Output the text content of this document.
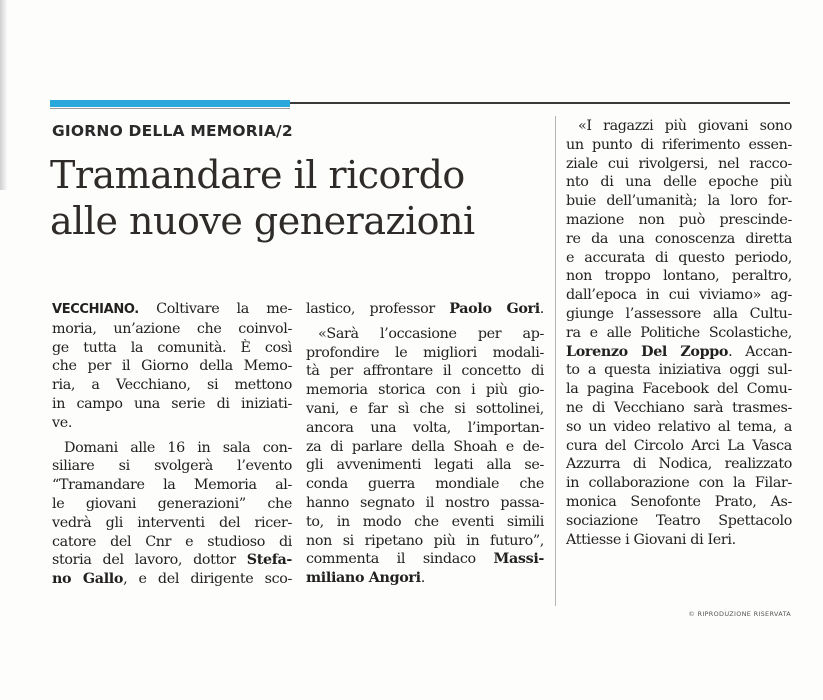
GIORNO DELLA MEMORIA/2
Tramandare il ricordo
alle nuove generazioni
VECCHIANO. Coltivare la me-
moria, un’azione che coinvol-
ge tutta la comunità. È così
che per il Giorno della Memo-
ria, a Vecchiano, si mettono
in campo una serie di iniziati-
ve.
Domani alle 16 in sala con-
siliare si svolgerà l’evento
“Tramandare la Memoria al-
le giovani generazioni” che
vedrà gli interventi del ricer-
catore del Cnr e studioso di
storia del lavoro, dottor Stefa-
no Gallo, e del dirigente sco-
lastico, professor Paolo Gori.
«Sarà l’occasione per ap-
profondire le migliori modali-
tà per affrontare il concetto di
memoria storica con i più gio-
vani, e far sì che si sottolinei,
ancora una volta, l’importan-
za di parlare della Shoah e de-
gli avvenimenti legati alla se-
conda guerra mondiale che
hanno segnato il nostro passa-
to, in modo che eventi simili
non si ripetano più in futuro”,
commenta il sindaco Massi-
miliano Angori.
«I ragazzi più giovani sono
un punto di riferimento essen-
ziale cui rivolgersi, nel racco-
nto di una delle epoche più
buie dell’umanità; la loro for-
mazione non può prescinde-
re da una conoscenza diretta
e accurata di questo periodo,
non troppo lontano, peraltro,
dall’epoca in cui viviamo» ag-
giunge l’assessore alla Cultu-
ra e alle Politiche Scolastiche,
Lorenzo Del Zoppo. Accan-
to a questa iniziativa oggi sul-
la pagina Facebook del Comu-
ne di Vecchiano sarà trasmes-
so un video relativo al tema, a
cura del Circolo Arci La Vasca
Azzurra di Nodica, realizzato
in collaborazione con la Filar-
monica Senofonte Prato, As-
sociazione Teatro Spettacolo
Attiesse i Giovani di Ieri.
© RIPRODUZIONE RISERVATA
